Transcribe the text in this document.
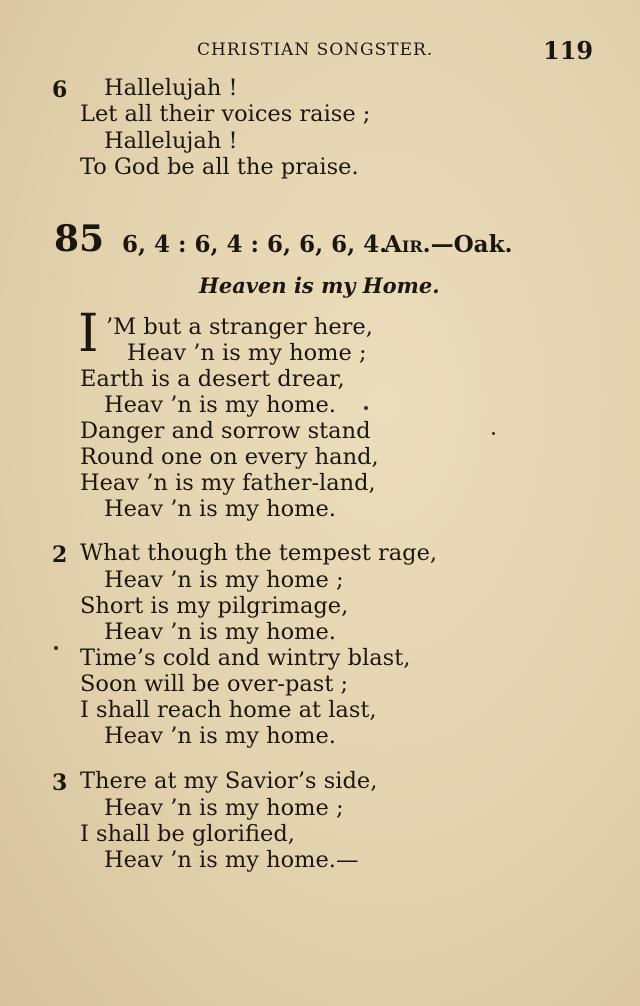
CHRISTIAN SONGSTER.	119
6 Hallelujah !
Let all their voices raise ;
Hallelujah !
To God be all the praise.
85 6, 4 : 6, 4 : 6, 6, 6, 4.
Air.—Oak.
Heaven is my Home.
I ’M but a stranger here,
Heav ’n is my home ;
Earth is a desert drear,
Heav ’n is my home.
Danger and sorrow stand
Round one on every hand,
Heav ’n is my father-land,
Heav ’n is my home.
2 What though the tempest rage,
Heav ’n is my home ;
Short is my pilgrimage,
Heav ’n is my home.
Time’s cold and wintry blast,
Soon will be over-past ;
I shall reach home at last,
Heav ’n is my home.
3 There at my Savior’s side,
Heav ’n is my home ;
I shall be glorified,
Heav ’n is my home.—
